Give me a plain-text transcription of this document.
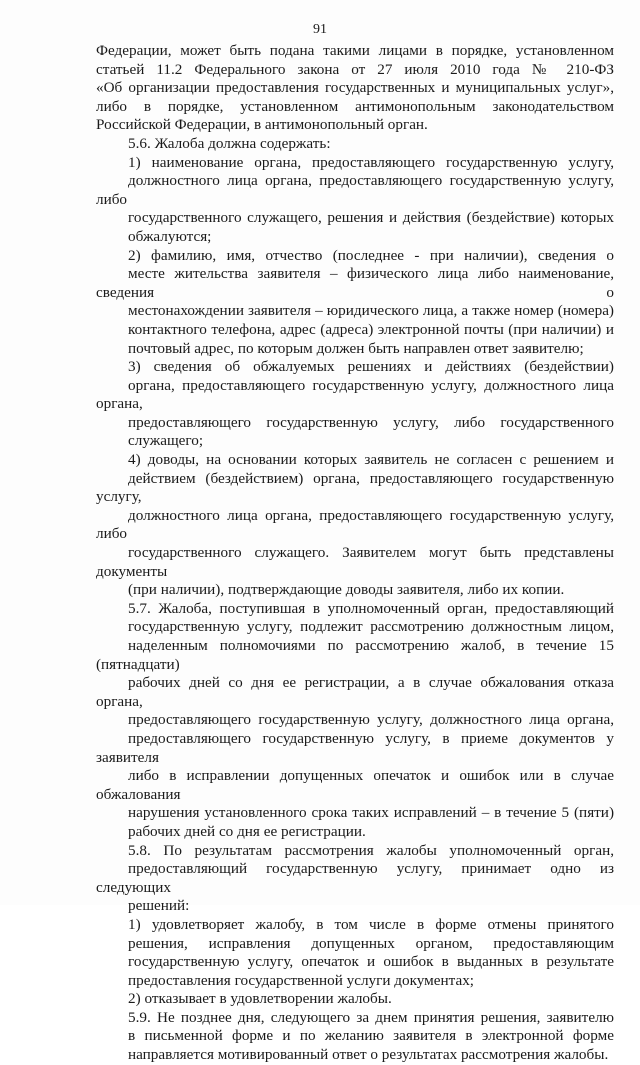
91

Федерации, может быть подана такими лицами в порядке, установленном
статьей 11.2 Федерального закона от 27 июля 2010 года № 210-ФЗ
«Об организации предоставления государственных и муниципальных услуг»,
либо в порядке, установленном антимонопольным законодательством
Российской Федерации, в антимонопольный орган.

5.6. Жалоба должна содержать:

1) наименование органа, предоставляющего государственную услугу,
должностного лица органа, предоставляющего государственную услугу, либо
государственного служащего, решения и действия (бездействие) которых
обжалуются;

2) фамилию, имя, отчество (последнее - при наличии), сведения о
месте жительства заявителя – физического лица либо наименование, сведения о
местонахождении заявителя – юридического лица, а также номер (номера)
контактного телефона, адрес (адреса) электронной почты (при наличии) и
почтовый адрес, по которым должен быть направлен ответ заявителю;

3) сведения об обжалуемых решениях и действиях (бездействии)
органа, предоставляющего государственную услугу, должностного лица органа,
предоставляющего государственную услугу, либо государственного
служащего;

4) доводы, на основании которых заявитель не согласен с решением и
действием (бездействием) органа, предоставляющего государственную услугу,
должностного лица органа, предоставляющего государственную услугу, либо
государственного служащего. Заявителем могут быть представлены документы
(при наличии), подтверждающие доводы заявителя, либо их копии.

5.7. Жалоба, поступившая в уполномоченный орган, предоставляющий
государственную услугу, подлежит рассмотрению должностным лицом,
наделенным полномочиями по рассмотрению жалоб, в течение 15 (пятнадцати)
рабочих дней со дня ее регистрации, а в случае обжалования отказа органа,
предоставляющего государственную услугу, должностного лица органа,
предоставляющего государственную услугу, в приеме документов у заявителя
либо в исправлении допущенных опечаток и ошибок или в случае обжалования
нарушения установленного срока таких исправлений – в течение 5 (пяти)
рабочих дней со дня ее регистрации.

5.8. По результатам рассмотрения жалобы уполномоченный орган,
предоставляющий государственную услугу, принимает одно из следующих
решений:

1) удовлетворяет жалобу, в том числе в форме отмены принятого
решения, исправления допущенных органом, предоставляющим
государственную услугу, опечаток и ошибок в выданных в результате
предоставления государственной услуги документах;

2) отказывает в удовлетворении жалобы.

5.9. Не позднее дня, следующего за днем принятия решения, заявителю
в письменной форме и по желанию заявителя в электронной форме
направляется мотивированный ответ о результатах рассмотрения жалобы.
